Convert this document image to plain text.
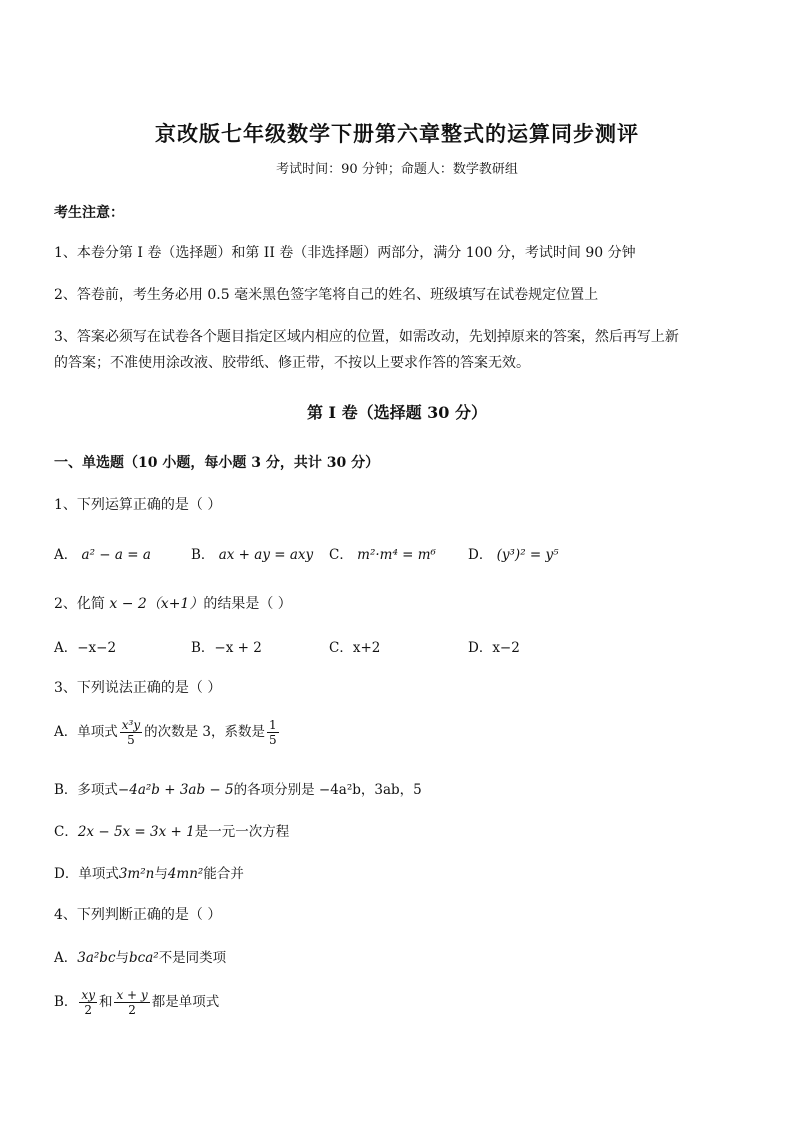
京改版七年级数学下册第六章整式的运算同步测评
考试时间：90 分钟；命题人：数学教研组
考生注意：
1、本卷分第 I 卷（选择题）和第 II 卷（非选择题）两部分，满分 100 分，考试时间 90 分钟
2、答卷前，考生务必用 0.5 毫米黑色签字笔将自己的姓名、班级填写在试卷规定位置上
3、答案必须写在试卷各个题目指定区域内相应的位置，如需改动，先划掉原来的答案，然后再写上新
的答案；不准使用涂改液、胶带纸、修正带，不按以上要求作答的答案无效。
第 I 卷（选择题 30 分）
一、单选题（10 小题，每小题 3 分，共计 30 分）
1、下列运算正确的是（ ）
A． a² − a = a	B． ax + ay = axy C． m²·m⁴ = m⁶ D． (y³)² = y⁵
2、化简 x − 2（x+1）的结果是（ ）
A．−x−2	B．−x + 2	C．x+2	D．x−2
3、下列说法正确的是（ ）
A．单项式 $\frac{\text{x³y}}{5}$ 的次数是 3，系数是 $\frac{1}{5}$
B．多项式−4a²b + 3ab − 5的各项分别是 −4a²b，3ab，5
C．2x − 5x = 3x + 1是一元一次方程
D．单项式3m²n与4mn²能合并
4、下列判断正确的是（ ）
A．3a²bc与bca²不是同类项
B． $\frac{xy}{2}$ 和 $\frac{x + y}{2}$ 都是单项式
